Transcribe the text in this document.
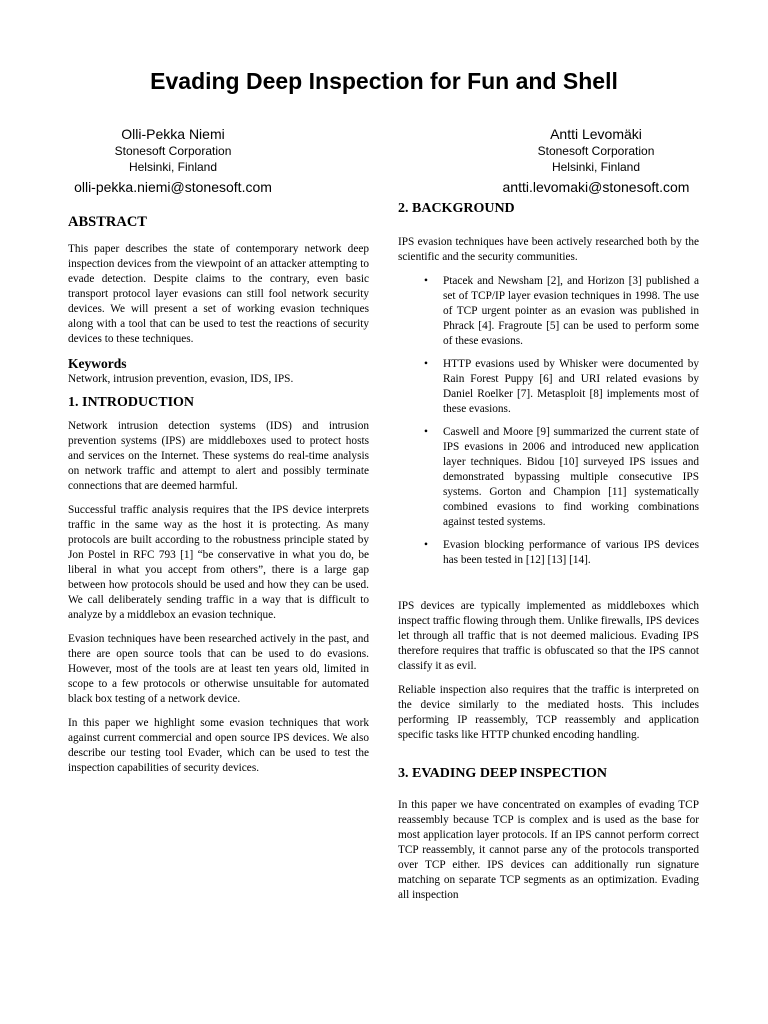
Evading Deep Inspection for Fun and Shell
Olli-Pekka Niemi
Stonesoft Corporation
Helsinki, Finland
olli-pekka.niemi@stonesoft.com
Antti Levomäki
Stonesoft Corporation
Helsinki, Finland
antti.levomaki@stonesoft.com
ABSTRACT

This paper describes the state of contemporary network deep inspection devices from the viewpoint of an attacker attempting to evade detection. Despite claims to the contrary, even basic transport protocol layer evasions can still fool network security devices. We will present a set of working evasion techniques along with a tool that can be used to test the reactions of security devices to these techniques.

Keywords

Network, intrusion prevention, evasion, IDS, IPS.

1. INTRODUCTION

Network intrusion detection systems (IDS) and intrusion prevention systems (IPS) are middleboxes used to protect hosts and services on the Internet. These systems do real-time analysis on network traffic and attempt to alert and possibly terminate connections that are deemed harmful.

Successful traffic analysis requires that the IPS device interprets traffic in the same way as the host it is protecting. As many protocols are built according to the robustness principle stated by Jon Postel in RFC 793 [1] “be conservative in what you do, be liberal in what you accept from others”, there is a large gap between how protocols should be used and how they can be used. We call deliberately sending traffic in a way that is difficult to analyze by a middlebox an evasion technique.

Evasion techniques have been researched actively in the past, and there are open source tools that can be used to do evasions. However, most of the tools are at least ten years old, limited in scope to a few protocols or otherwise unsuitable for automated black box testing of a network device.

In this paper we highlight some evasion techniques that work against current commercial and open source IPS devices. We also describe our testing tool Evader, which can be used to test the inspection capabilities of security devices.

2. BACKGROUND

IPS evasion techniques have been actively researched both by the scientific and the security communities.

• Ptacek and Newsham [2], and Horizon [3] published a set of TCP/IP layer evasion techniques in 1998. The use of TCP urgent pointer as an evasion was published in Phrack [4]. Fragroute [5] can be used to perform some of these evasions.
• HTTP evasions used by Whisker were documented by Rain Forest Puppy [6] and URI related evasions by Daniel Roelker [7]. Metasploit [8] implements most of these evasions.
• Caswell and Moore [9] summarized the current state of IPS evasions in 2006 and introduced new application layer techniques. Bidou [10] surveyed IPS issues and demonstrated bypassing multiple consecutive IPS systems. Gorton and Champion [11] systematically combined evasions to find working combinations against tested systems.
• Evasion blocking performance of various IPS devices has been tested in [12] [13] [14].

IPS devices are typically implemented as middleboxes which inspect traffic flowing through them. Unlike firewalls, IPS devices let through all traffic that is not deemed malicious. Evading IPS therefore requires that traffic is obfuscated so that the IPS cannot classify it as evil.

Reliable inspection also requires that the traffic is interpreted on the device similarly to the mediated hosts. This includes performing IP reassembly, TCP reassembly and application specific tasks like HTTP chunked encoding handling.

3. EVADING DEEP INSPECTION

In this paper we have concentrated on examples of evading TCP reassembly because TCP is complex and is used as the base for most application layer protocols. If an IPS cannot perform correct TCP reassembly, it cannot parse any of the protocols transported over TCP either. IPS devices can additionally run signature matching on separate TCP segments as an optimization. Evading all inspection
